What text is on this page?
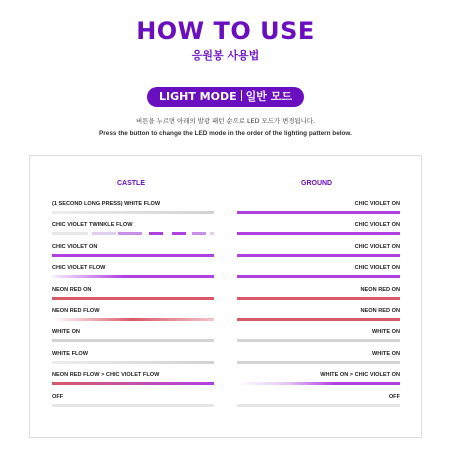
HOW TO USE
응원봉 사용법
LIGHT MODE 일반 모드
버튼을 누르면 아래의 발광 패턴 순으로 LED 모드가 변경됩니다.
Press the button to change the LED mode in the order of the lighting pattern below.
CASTLE	GROUND
(1 SECOND LONG PRESS) WHITE FLOW
CHIC VIOLET TWINKLE FLOW
CHIC VIOLET ON
CHIC VIOLET FLOW
NEON RED ON
NEON RED FLOW
WHITE ON
WHITE FLOW
NEON RED FLOW > CHIC VIOLET FLOW
OFF
CHIC VIOLET ON
CHIC VIOLET ON
CHIC VIOLET ON
CHIC VIOLET ON
NEON RED ON
NEON RED ON
WHITE ON
WHITE ON
WHITE ON > CHIC VIOLET ON
OFF
